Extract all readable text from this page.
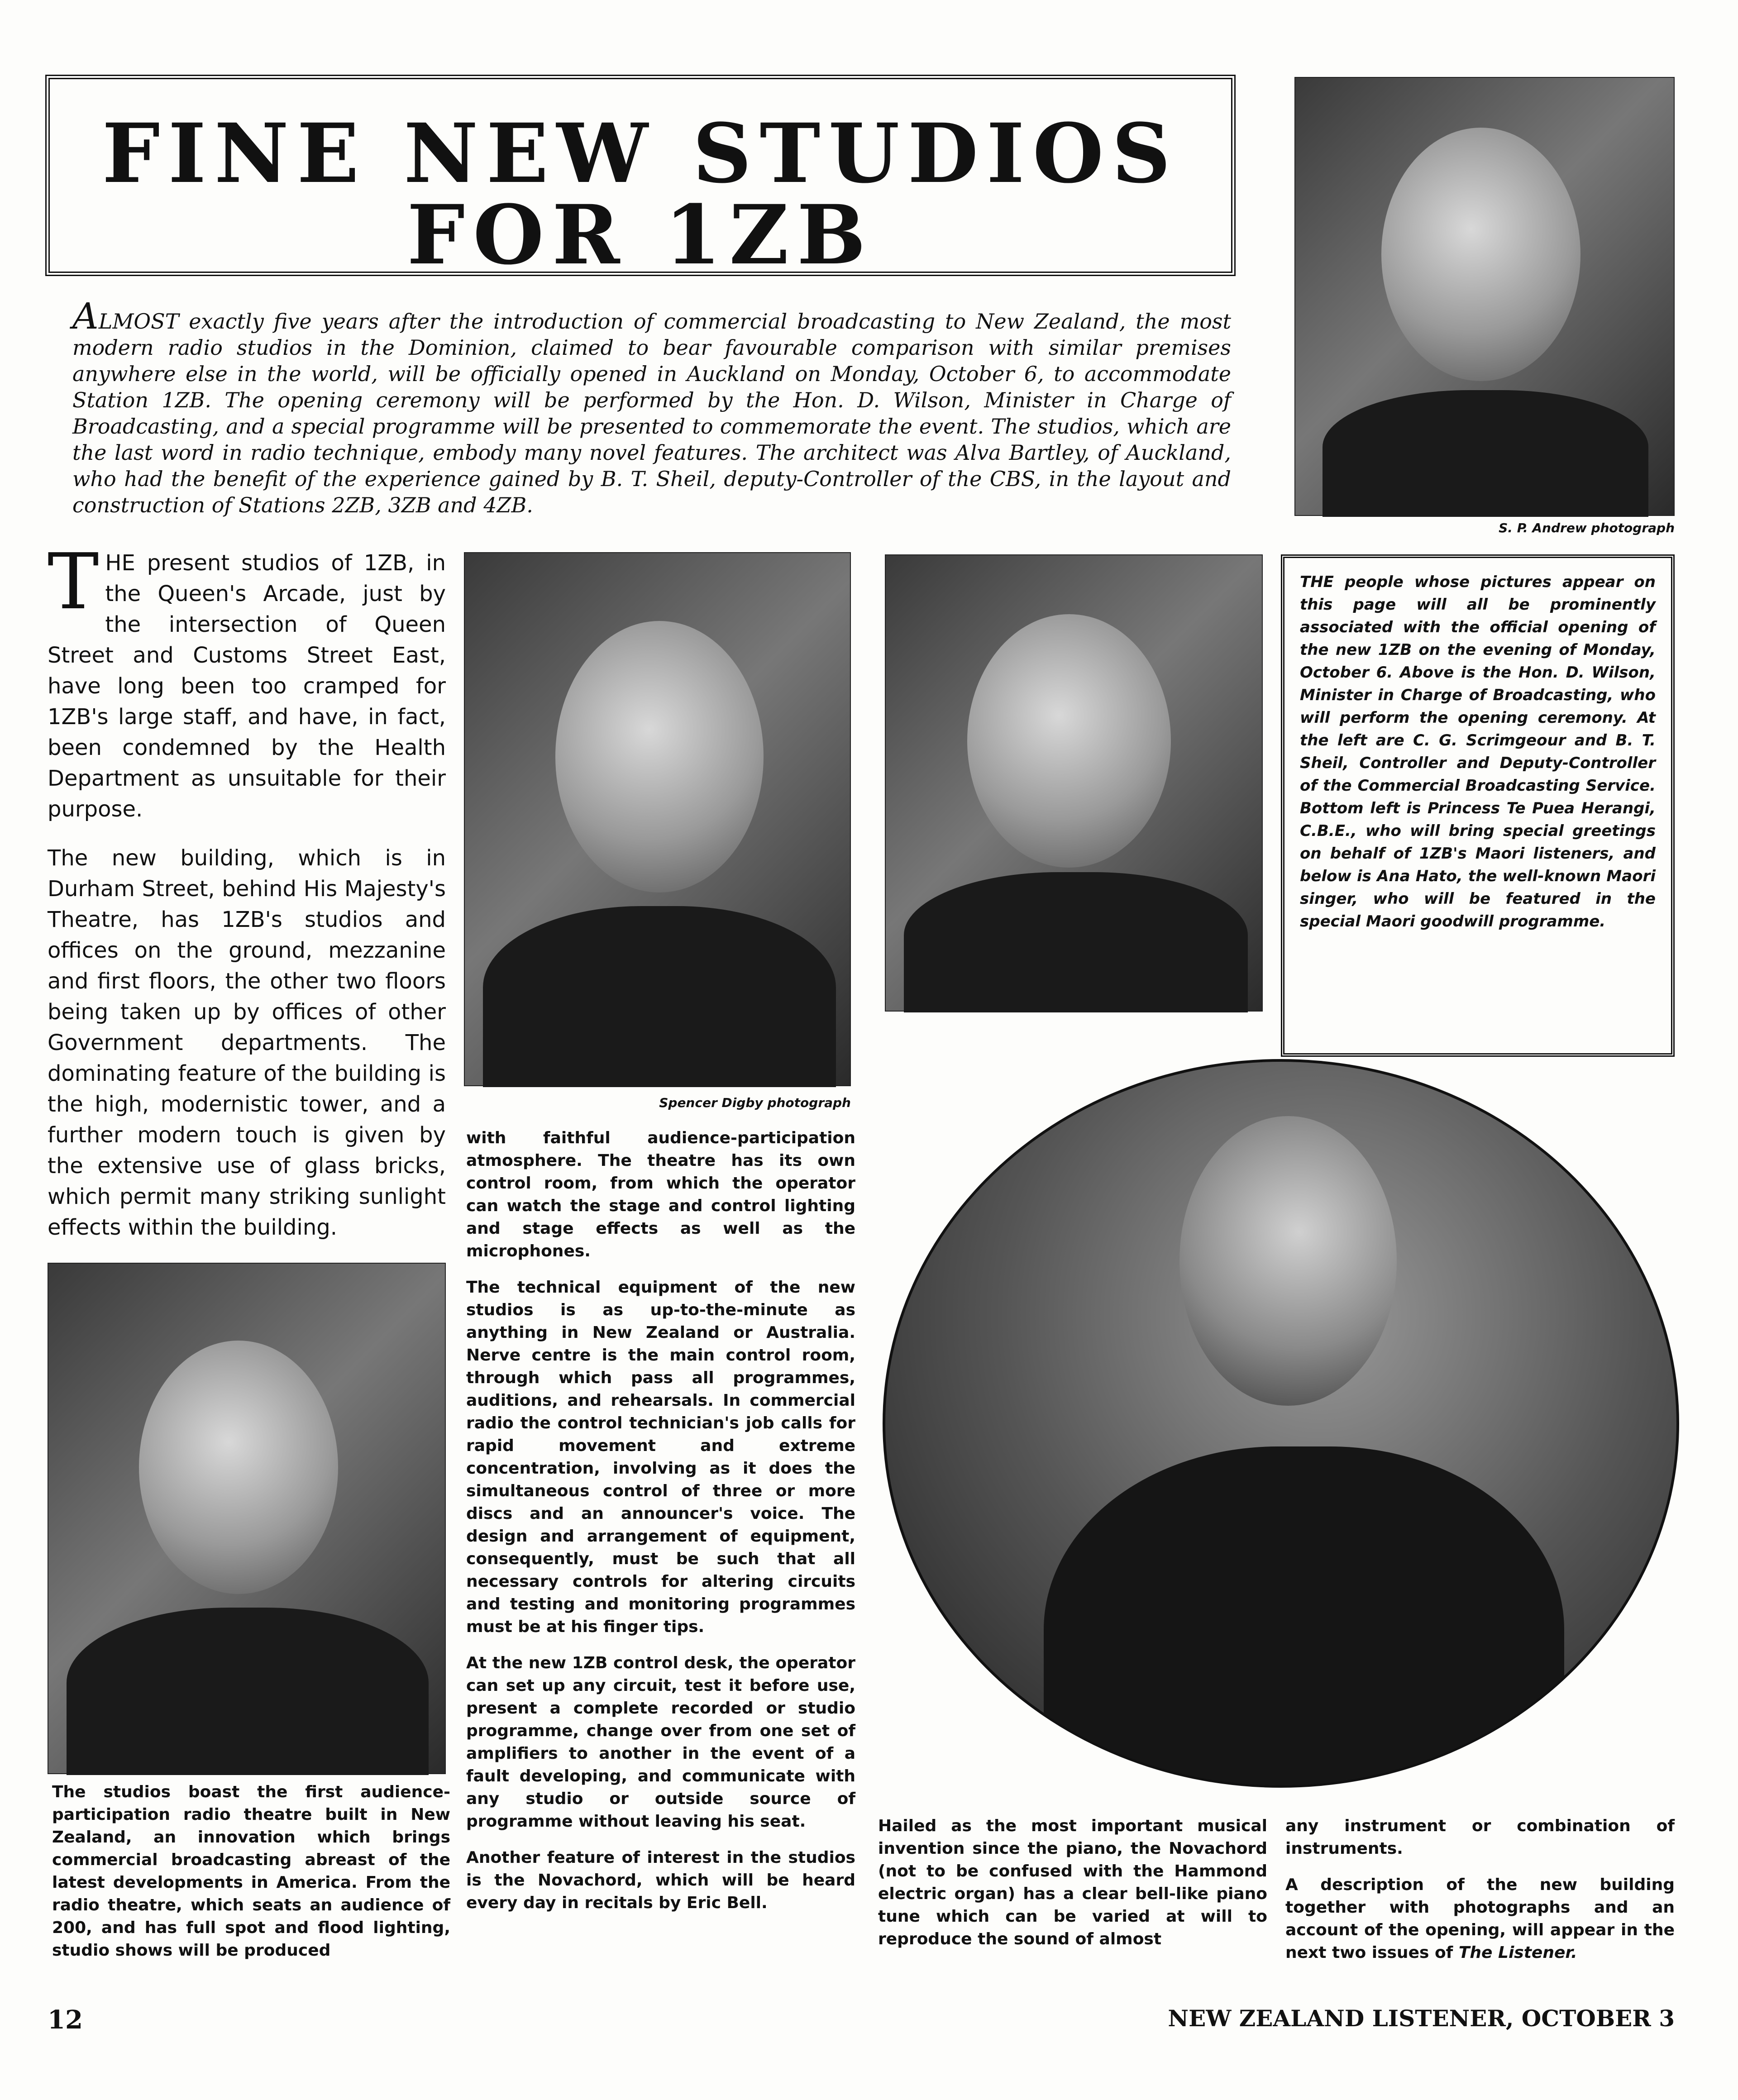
FINE NEW STUDIOS
FOR 1ZB
ALMOST exactly five years after the introduction of commercial broadcasting to New Zealand, the most modern radio studios in the Dominion, claimed to bear favourable comparison with similar premises anywhere else in the world, will be officially opened in Auckland on Monday, October 6, to accommodate Station 1ZB. The opening ceremony will be performed by the Hon. D. Wilson, Minister in Charge of Broadcasting, and a special programme will be presented to commemorate the event. The studios, which are the last word in radio technique, embody many novel features. The architect was Alva Bartley, of Auckland, who had the benefit of the experience gained by B. T. Sheil, deputy-Controller of the CBS, in the layout and construction of Stations 2ZB, 3ZB and 4ZB.
S. P. Andrew photograph
THE people whose pictures appear on this page will all be prominently associated with the official opening of the new 1ZB on the evening of Monday, October 6. Above is the Hon. D. Wilson, Minister in Charge of Broadcasting, who will perform the opening ceremony. At the left are C. G. Scrimgeour and B. T. Sheil, Controller and Deputy-Controller of the Commercial Broadcasting Service. Bottom left is Princess Te Puea Herangi, C.B.E., who will bring special greetings on behalf of 1ZB's Maori listeners, and below is Ana Hato, the well-known Maori singer, who will be featured in the special Maori goodwill programme.
Spencer Digby photograph

THE present studios of 1ZB, in the Queen's Arcade, just by the intersection of Queen Street and Customs Street East, have long been too cramped for 1ZB's large staff, and have, in fact, been condemned by the Health Department as unsuitable for their purpose.

The new building, which is in Durham Street, behind His Majesty's Theatre, has 1ZB's studios and offices on the ground, mezzanine and first floors, the other two floors being taken up by offices of other Government departments. The dominating feature of the building is the high, modernistic tower, and a further modern touch is given by the extensive use of glass bricks, which permit many striking sunlight effects within the building.

The studios boast the first audience-participation radio theatre built in New Zealand, an innovation which brings commercial broadcasting abreast of the latest developments in America. From the radio theatre, which seats an audience of 200, and has full spot and flood lighting, studio shows will be produced

with faithful audience-participation atmosphere. The theatre has its own control room, from which the operator can watch the stage and control lighting and stage effects as well as the microphones.

The technical equipment of the new studios is as up-to-the-minute as anything in New Zealand or Australia. Nerve centre is the main control room, through which pass all programmes, auditions, and rehearsals. In commercial radio the control technician's job calls for rapid movement and extreme concentration, involving as it does the simultaneous control of three or more discs and an announcer's voice. The design and arrangement of equipment, consequently, must be such that all necessary controls for altering circuits and testing and monitoring programmes must be at his finger tips.

At the new 1ZB control desk, the operator can set up any circuit, test it before use, present a complete recorded or studio programme, change over from one set of amplifiers to another in the event of a fault developing, and communicate with any studio or outside source of programme without leaving his seat.

Another feature of interest in the studios is the Novachord, which will be heard every day in recitals by Eric Bell.

Hailed as the most important musical invention since the piano, the Novachord (not to be confused with the Hammond electric organ) has a clear bell-like piano tune which can be varied at will to reproduce the sound of almost

any instrument or combination of instruments.

A description of the new building together with photographs and an account of the opening, will appear in the next two issues of The Listener.

12	NEW ZEALAND LISTENER, OCTOBER 3
